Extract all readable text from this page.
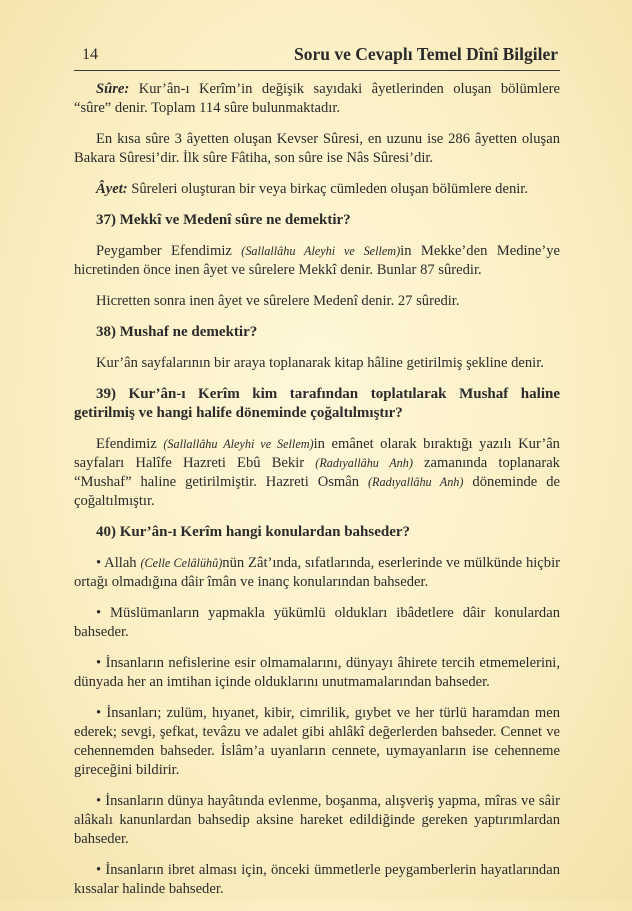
14	Soru ve Cevaplı Temel Dînî Bilgiler

Sûre: Kur’ân-ı Kerîm’in değişik sayıdaki âyetlerinden oluşan bölümlere “sûre” denir. Toplam 114 sûre bulunmaktadır.

En kısa sûre 3 âyetten oluşan Kevser Sûresi, en uzunu ise 286 âyetten oluşan Bakara Sûresi’dir. İlk sûre Fâtiha, son sûre ise Nâs Sûresi’dir.

Âyet: Sûreleri oluşturan bir veya birkaç cümleden oluşan bölümlere denir.

37) Mekkî ve Medenî sûre ne demektir?

Peygamber Efendimiz (Sallallâhu Aleyhi ve Sellem)in Mekke’den Medine’ye hicretinden önce inen âyet ve sûrelere Mekkî denir. Bunlar 87 sûredir.

Hicretten sonra inen âyet ve sûrelere Medenî denir. 27 sûredir.

38) Mushaf ne demektir?

Kur’ân sayfalarının bir araya toplanarak kitap hâline getirilmiş şekline denir.

39) Kur’ân-ı Kerîm kim tarafından toplatılarak Mushaf haline getirilmiş ve hangi halife döneminde çoğaltılmıştır?

Efendimiz (Sallallâhu Aleyhi ve Sellem)in emânet olarak bıraktığı yazılı Kur’ân sayfaları Halîfe Hazreti Ebû Bekir (Radıyallâhu Anh) zamanında toplanarak “Mushaf” haline getirilmiştir. Hazreti Osmân (Radıyallâhu Anh) döneminde de çoğaltılmıştır.

40) Kur’ân-ı Kerîm hangi konulardan bahseder?

• Allah (Celle Celâlühû)nün Zât’ında, sıfatlarında, eserlerinde ve mülkünde hiçbir ortağı olmadığına dâir îmân ve inanç konularından bahseder.

• Müslümanların yapmakla yükümlü oldukları ibâdetlere dâir konulardan bahseder.

• İnsanların nefislerine esir olmamalarını, dünyayı âhirete tercih etmemelerini, dünyada her an imtihan içinde olduklarını unutmamalarından bahseder.

• İnsanları; zulüm, hıyanet, kibir, cimrilik, gıybet ve her türlü haramdan men ederek; sevgi, şefkat, tevâzu ve adalet gibi ahlâkî değerlerden bahseder. Cennet ve cehennemden bahseder. İslâm’a uyanların cennete, uymayanların ise cehenneme gireceğini bildirir.

• İnsanların dünya hayâtında evlenme, boşanma, alışveriş yapma, mîras ve sâir alâkalı kanunlardan bahsedip aksine hareket edildiğinde gereken yaptırımlardan bahseder.

• İnsanların ibret alması için, önceki ümmetlerle peygamberlerin hayatlarından kıssalar halinde bahseder.
